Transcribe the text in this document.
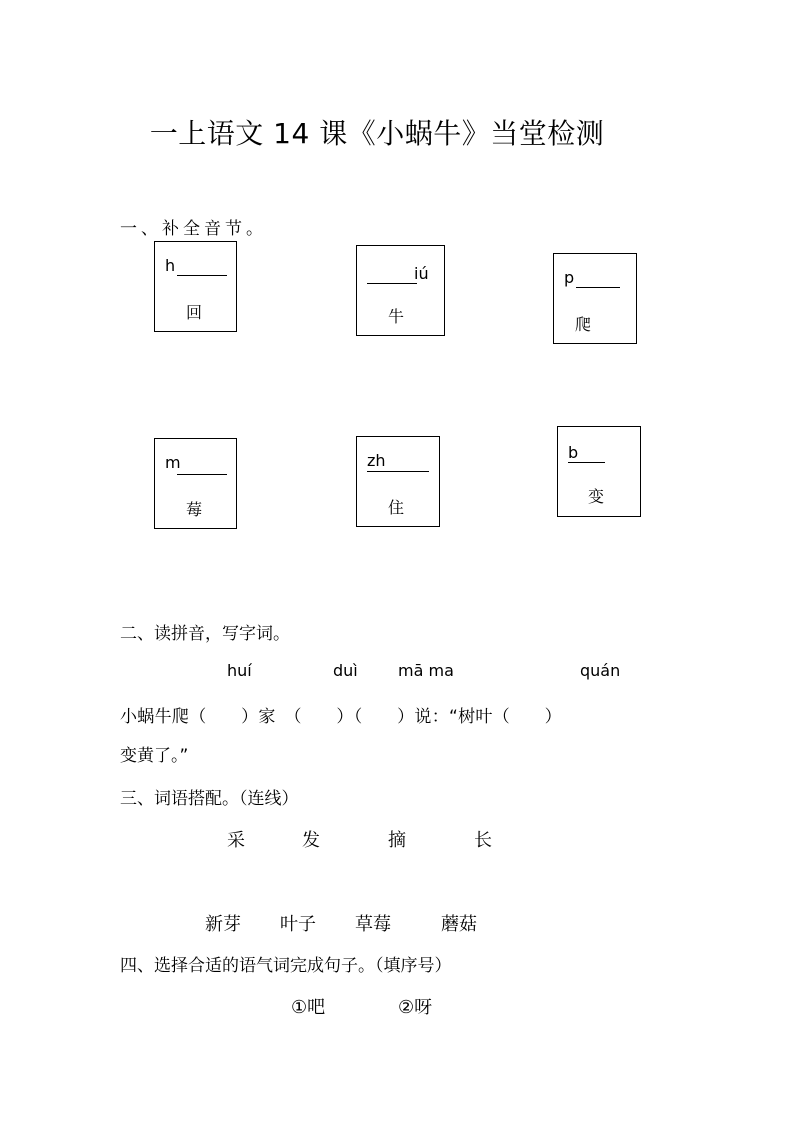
一上语文 14 课《小蜗牛》当堂检测
一、补全音节。
h
回
iú
牛
p
爬
m
莓
zh
住
b
变
二、读拼音，写字词。
huí	duì	mā ma	quán
小蜗牛爬（　　）家　（　　）（　　）说：“树叶（　　）
变黄了。”
三、词语搭配。（连线）
采	发	摘	长
新芽 叶子 草莓	蘑菇
四、选择合适的语气词完成句子。（填序号）
①吧	②呀
